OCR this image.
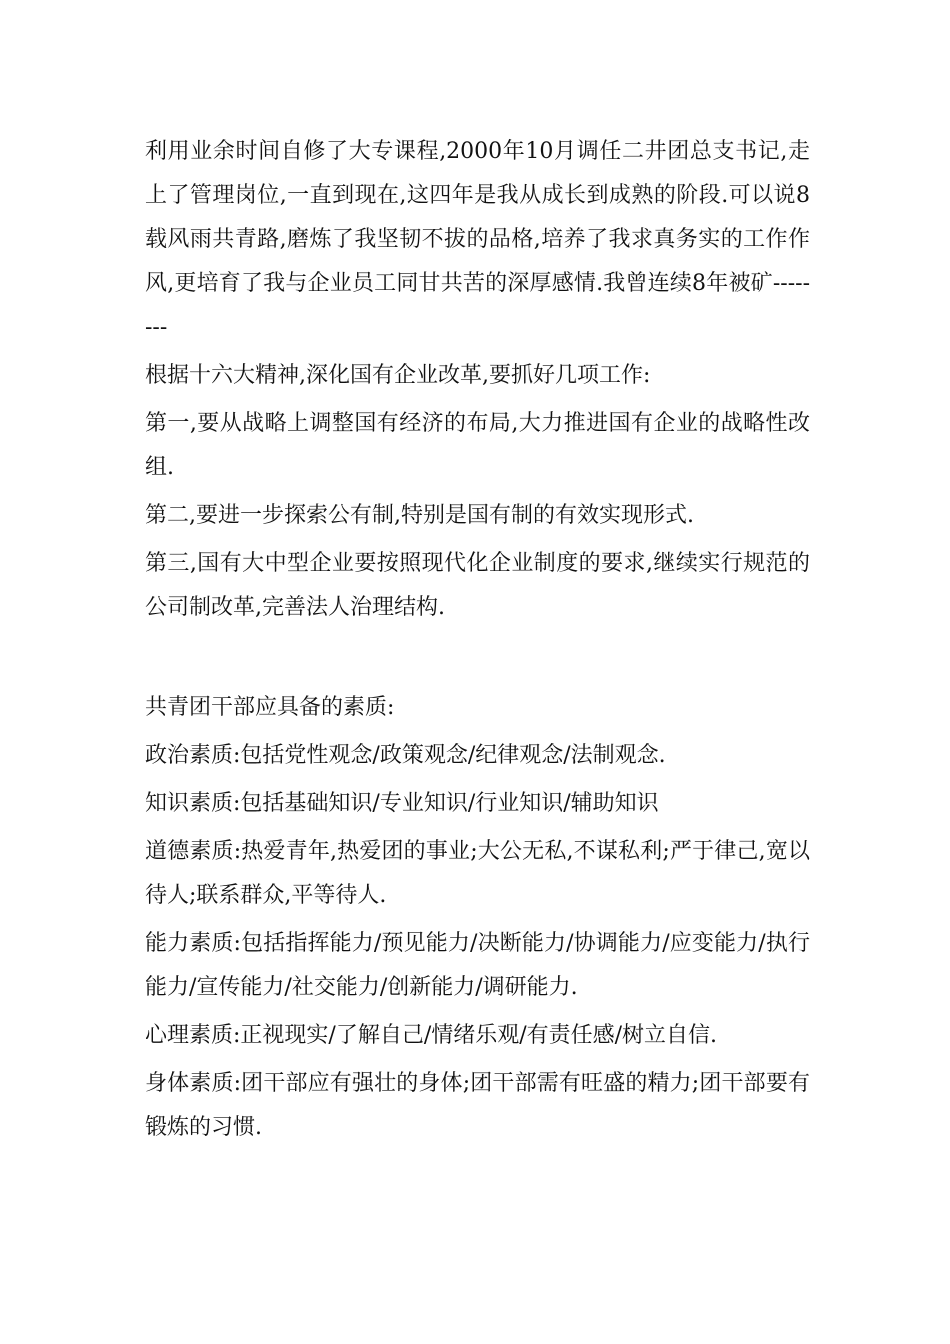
利用业余时间自修了大专课程,2000年10月调任二井团总支书记,走上了管理岗位,一直到现在,这四年是我从成长到成熟的阶段.可以说8载风雨共青路,磨炼了我坚韧不拔的品格,培养了我求真务实的工作作风,更培育了我与企业员工同甘共苦的深厚感情.我曾连续8年被矿--------

根据十六大精神,深化国有企业改革,要抓好几项工作:

第一,要从战略上调整国有经济的布局,大力推进国有企业的战略性改组.

第二,要进一步探索公有制,特别是国有制的有效实现形式.

第三,国有大中型企业要按照现代化企业制度的要求,继续实行规范的公司制改革,完善法人治理结构.

共青团干部应具备的素质:

政治素质:包括党性观念/政策观念/纪律观念/法制观念.

知识素质:包括基础知识/专业知识/行业知识/辅助知识

道德素质:热爱青年,热爱团的事业;大公无私,不谋私利;严于律己,宽以待人;联系群众,平等待人.

能力素质:包括指挥能力/预见能力/决断能力/协调能力/应变能力/执行能力/宣传能力/社交能力/创新能力/调研能力.

心理素质:正视现实/了解自己/情绪乐观/有责任感/树立自信.

身体素质:团干部应有强壮的身体;团干部需有旺盛的精力;团干部要有锻炼的习惯.
